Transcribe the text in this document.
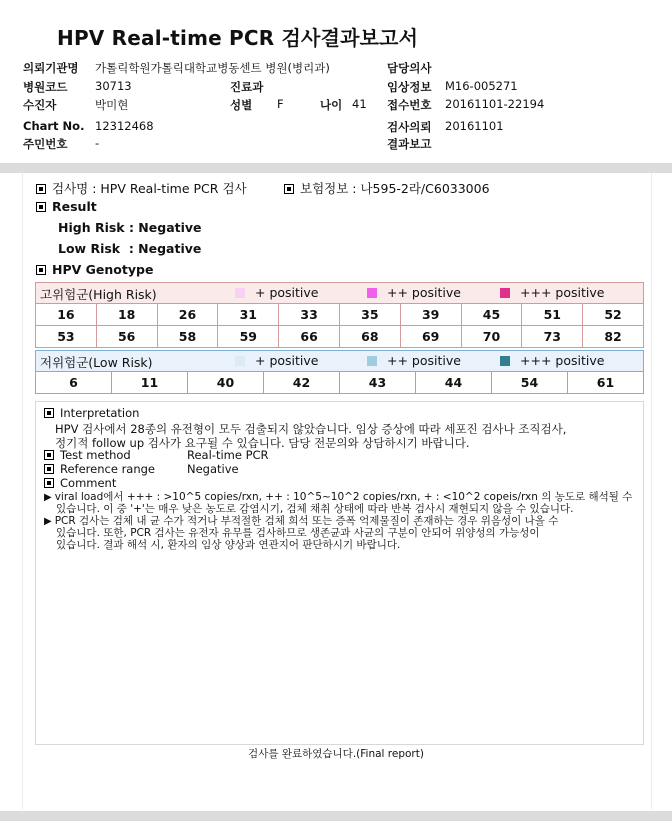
HPV Real-time PCR 검사결과보고서
의뢰기관명 가톨릭학원가톨릭대학교병동센트 병원(병리과)	담당의사
병원코드 30713	진료과	임상정보 M16-005271
수진자	박미현	성별 F	나이 41 접수번호 20161101-22194
Chart No. 12312468	검사의뢰 20161101
주민번호 -	결과보고
검사명 : HPV Real-time PCR 검사	보험정보 : 나595-2라/C6033006
Result
High Risk : Negative
Low Risk  : Negative
HPV Genotype
고위험군(High Risk)	+ positive	++ positive	+++ positive
16	18	26	31	33	35	39	45	51	52
53	56	58	59	66	68	69	70	73	82
저위험군(Low Risk)	+ positive	++ positive	+++ positive
6	11	40	42	43	44	54	61
Interpretation
HPV 검사에서 28종의 유전형이 모두 검출되지 않았습니다. 임상 증상에 따라 세포진 검사나 조직검사,
정기적 follow up 검사가 요구될 수 있습니다. 담당 전문의와 상담하시기 바랍니다.
Test method	Real-time PCR
Reference range	Negative
Comment
▶ viral load에서 +++ : >10^5 copies/rxn, ++ : 10^5~10^2 copies/rxn, + : <10^2 copeis/rxn 의 농도로 해석될 수
있습니다. 이 중 '+'는 매우 낮은 농도로 감염시기, 검체 채취 상태에 따라 반복 검사시 재현되지 않을 수 있습니다.
▶ PCR 검사는 검체 내 균 수가 적거나 부적절한 검체 희석 또는 증폭 억제물질이 존재하는 경우 위음성이 나올 수
있습니다. 또한, PCR 검사는 유전자 유무를 검사하므로 생존균과 사균의 구분이 안되어 위양성의 가능성이
있습니다. 결과 해석 시, 환자의 임상 양상과 연관지어 판단하시기 바랍니다.
검사를 완료하였습니다.(Final report)
